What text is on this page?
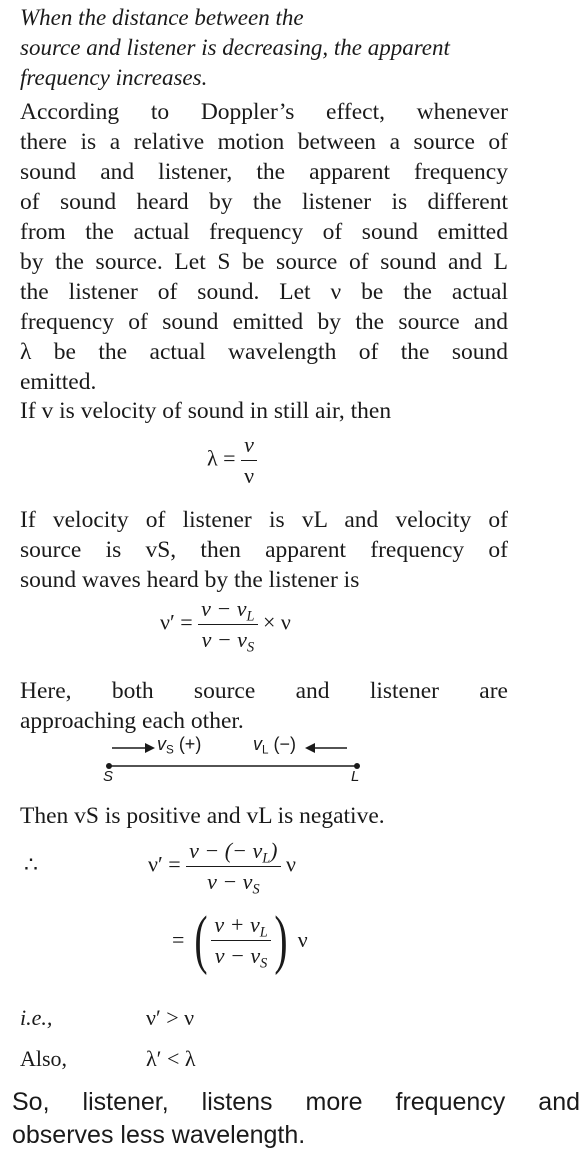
When the distance between the
source and listener is decreasing, the apparent
frequency increases.
According to Doppler’s effect, whenever
there is a relative motion between a source of
sound and listener, the apparent frequency
of sound heard by the listener is different
from the actual frequency of sound emitted
by the source. Let S be source of sound and L
the listener of sound. Let ν be the actual
frequency of sound emitted by the source and
λ be the actual wavelength of the sound
emitted.
If v is velocity of sound in still air, then
$\lambda = \frac{v}{\nu}$
If velocity of listener is vL and velocity of
source is vS, then apparent frequency of
sound waves heard by the listener is
$\nu' = \frac{v - v_L}{v - v_S} \times \nu$
Here, both source and listener are
approaching each other.
$v_S$ (+)	$v_L$ (−)
S	L
Then vS is positive and vL is negative.
∴	$\nu' = \frac{v - (- v_L)}{v - v_S}$ ν
= ( $\frac{v + v_L}{v - v_S}$ ) ν
i.e.,	ν′ > ν
Also,	λ′ < λ
So, listener, listens more frequency and
observes less wavelength.
